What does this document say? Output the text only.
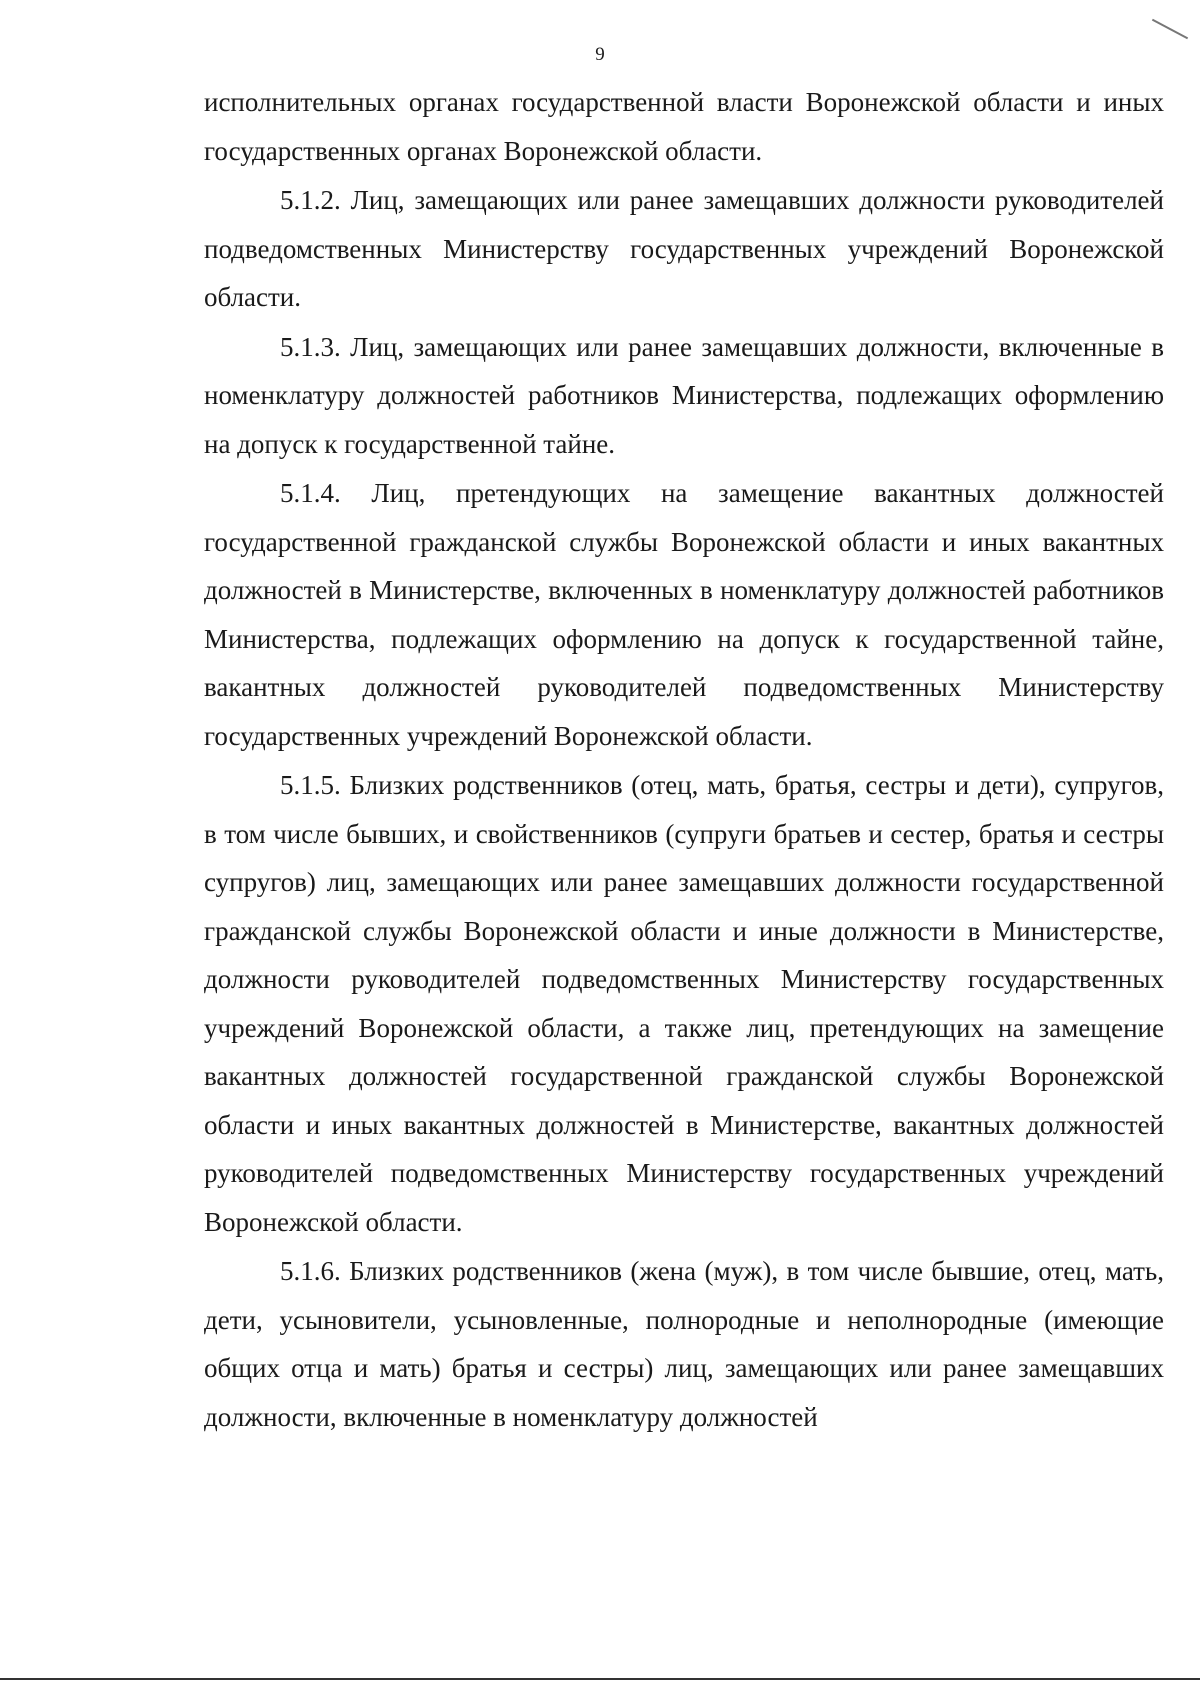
9

исполнительных органах государственной власти Воронежской области и иных государственных органах Воронежской области.

5.1.2. Лиц, замещающих или ранее замещавших должности руководителей подведомственных Министерству государственных учреждений Воронежской области.

5.1.3. Лиц, замещающих или ранее замещавших должности, включенные в номенклатуру должностей работников Министерства, подлежащих оформлению на допуск к государственной тайне.

5.1.4. Лиц, претендующих на замещение вакантных должностей государственной гражданской службы Воронежской области и иных вакантных должностей в Министерстве, включенных в номенклатуру должностей работников Министерства, подлежащих оформлению на допуск к государственной тайне, вакантных должностей руководителей подведомственных Министерству государственных учреждений Воронежской области.

5.1.5. Близких родственников (отец, мать, братья, сестры и дети), супругов, в том числе бывших, и свойственников (супруги братьев и сестер, братья и сестры супругов) лиц, замещающих или ранее замещавших должности государственной гражданской службы Воронежской области и иные должности в Министерстве, должности руководителей подведомственных Министерству государственных учреждений Воронежской области, а также лиц, претендующих на замещение вакантных должностей государственной гражданской службы Воронежской области и иных вакантных должностей в Министерстве, вакантных должностей руководителей подведомственных Министерству государственных учреждений Воронежской области.

5.1.6. Близких родственников (жена (муж), в том числе бывшие, отец, мать, дети, усыновители, усыновленные, полнородные и неполнородные (имеющие общих отца и мать) братья и сестры) лиц, замещающих или ранее замещавших должности, включенные в номенклатуру должностей
